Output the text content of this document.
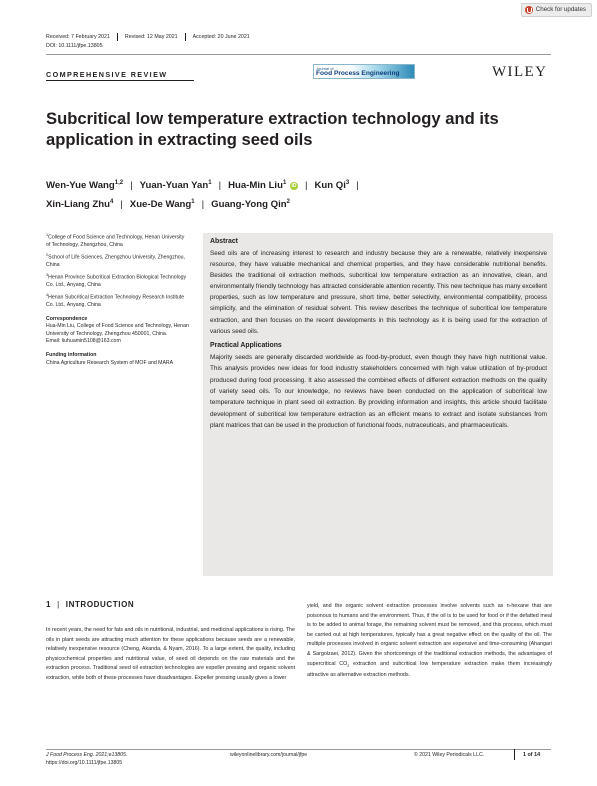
Check for updates
Received: 7 February 2021	Revised: 12 May 2021	Accepted: 20 June 2021
DOI: 10.1111/jfpe.13805
COMPREHENSIVE REVIEW
Journal of
Food Process Engineering	WILEY
Subcritical low temperature extraction technology and its application in extracting seed oils
Wen-Yue Wang$^{1,2}$ | Yuan-Yuan Yan$^1$ | Hua-Min Liu$^1$ iD | Kun Qi$^3$ |
Xin-Liang Zhu$^4$ | Xue-De Wang$^1$ | Guang-Yong Qin$^2$

$^1$College of Food Science and Technology, Henan University of Technology, Zhengzhou, China

$^2$School of Life Sciences, Zhengzhou University, Zhengzhou, China

$^3$Henan Province Subcritical Extraction Biological Technology Co. Ltd., Anyang, China

$^4$Henan Subcritical Extraction Technology Research Institute Co. Ltd., Anyang, China

Correspondence

Hua-Min Liu, College of Food Science and Technology, Henan University of Technology, Zhengzhou 450001, China.
Email: liuhuamin5108@163.com

Funding information

China Agriculture Research System of MOF and MARA

Abstract

Seed oils are of increasing interest to research and industry because they are a renewable, relatively inexpensive resource, they have valuable mechanical and chemical properties, and they have considerable nutritional benefits. Besides the traditional oil extraction methods, subcritical low temperature extraction as an innovative, clean, and environmentally friendly technology has attracted considerable attention recently. This new technique has many excellent properties, such as low temperature and pressure, short time, better selectivity, environmental compatibility, process simplicity, and the elimination of residual solvent. This review describes the technique of subcritical low temperature extraction, and then focuses on the recent developments in this technology as it is being used for the extraction of various seed oils.

Practical Applications

Majority seeds are generally discarded worldwide as food-by-product, even though they have high nutritional value. This analysis provides new ideas for food industry stakeholders concerned with high value utilization of by-product produced during food processing. It also assessed the combined effects of different extraction methods on the quality of variety seed oils. To our knowledge, no reviews have been conducted on the application of subcritical low temperature technique in plant seed oil extraction. By providing information and insights, this article should facilitate development of subcritical low temperature extraction as an efficient means to extract and isolate substances from plant matrices that can be used in the production of functional foods, nutraceuticals, and pharmaceuticals.

1 | INTRODUCTION
In recent years, the need for fats and oils in nutritional, industrial, and medicinal applications is rising. The oils in plant seeds are attracting much attention for these applications because seeds are a renewable, relatively inexpensive resource (Cheng, Akanda, & Nyam, 2016). To a large extent, the quality, including physicochemical properties and nutritional value, of seed oil depends on the raw materials and the extraction process. Traditional seed oil extraction technologies are expeller pressing and organic solvent extraction, while both of these processes have disadvantages. Expeller pressing usually gives a lower
yield, and the organic solvent extraction processes involve solvents such as n-hexane that are poisonous to humans and the environment. Thus, if the oil is to be used for food or if the defatted meal is to be added to animal forage, the remaining solvent must be removed, and this process, which must be carried out at high temperatures, typically has a great negative effect on the quality of the oil. The multiple processes involved in organic solvent extraction are expensive and time-consuming (Ahangari & Sargolzaei, 2012). Given the shortcomings of the traditional extraction methods, the advantages of supercritical $CO_2$ extraction and subcritical low temperature extraction make them increasingly attractive as alternative extraction methods.
J Food Process Eng. 2021;e13805.
https://doi.org/10.1111/jfpe.13805
wileyonlinelibrary.com/journal/jfpe	© 2021 Wiley Periodicals LLC.	1 of 14
